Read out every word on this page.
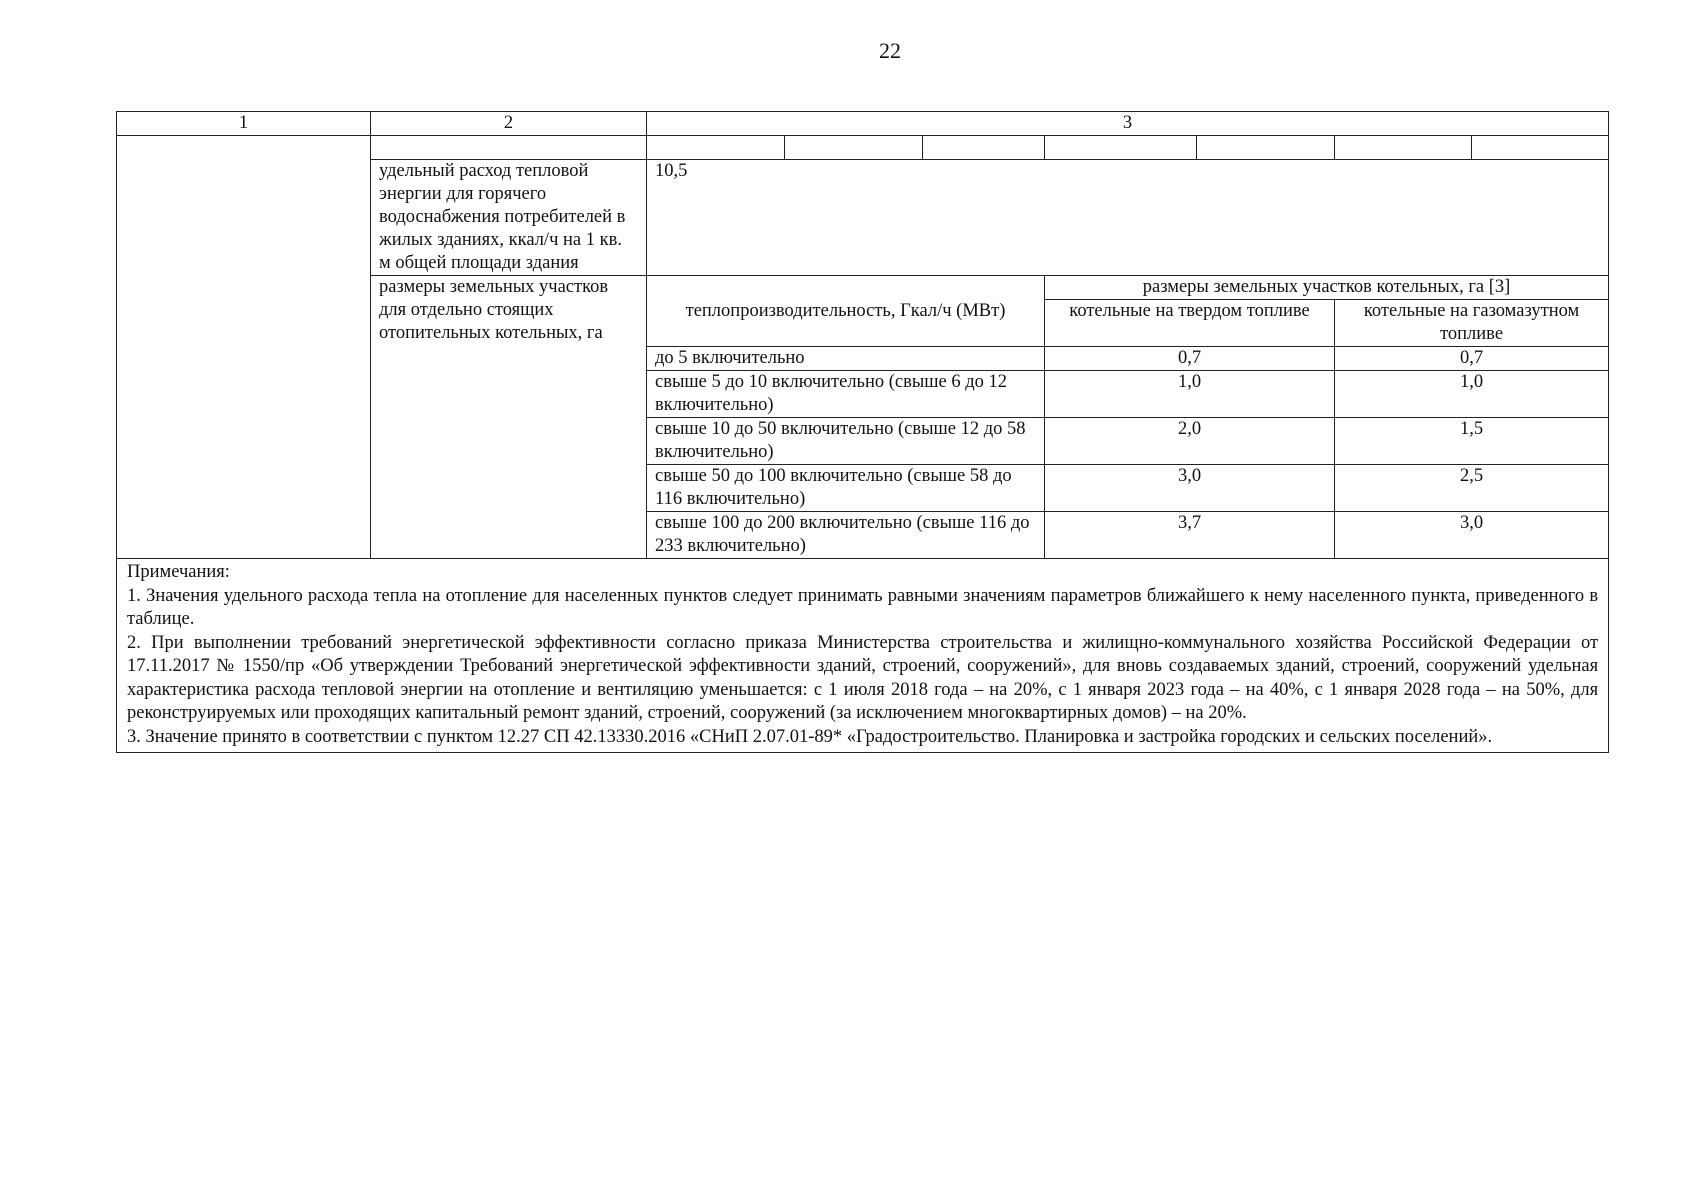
22
1	2	3						

	удельный расход тепловой энергии для горячего водоснабжения потребителей в жилых зданиях, ккал/ч на 1 кв. м общей площади здания	10,5						
	размеры земельных участков для отдельно стоящих отопительных котельных, га	теплопроизводительность, Гкал/ч (МВт)			размеры земельных участков котельных, га [3]			
					котельные на твердом топливе		котельные на газомазутном топливе	
		до 5 включительно			0,7		0,7	
		свыше 5 до 10 включительно (свыше 6 до 12 включительно)			1,0		1,0	
		свыше 10 до 50 включительно (свыше 12 до 58 включительно)			2,0		1,5	
		свыше 50 до 100 включительно (свыше 58 до 116 включительно)			3,0		2,5	
		свыше 100 до 200 включительно (свыше 116 до 233 включительно)			3,7		3,0	

Примечания:

1. Значения удельного расхода тепла на отопление для населенных пунктов следует принимать равными значениям параметров ближайшего к нему населенного пункта, приведенного в таблице.

2. При выполнении требований энергетической эффективности согласно приказа Министерства строительства и жилищно-коммунального хозяйства Российской Федерации от 17.11.2017 № 1550/пр «Об утверждении Требований энергетической эффективности зданий, строений, сооружений», для вновь создаваемых зданий, строений, сооружений удельная характеристика расхода тепловой энергии на отопление и вентиляцию уменьшается: с 1 июля 2018 года – на 20%, с 1 января 2023 года – на 40%, с 1 января 2028 года – на 50%, для реконструируемых или проходящих капитальный ремонт зданий, строений, сооружений (за исключением многоквартирных домов) – на 20%.

3. Значение принято в соответствии с пунктом 12.27 СП 42.13330.2016 «СНиП 2.07.01-89* «Градостроительство. Планировка и застройка городских и сельских поселений».								
